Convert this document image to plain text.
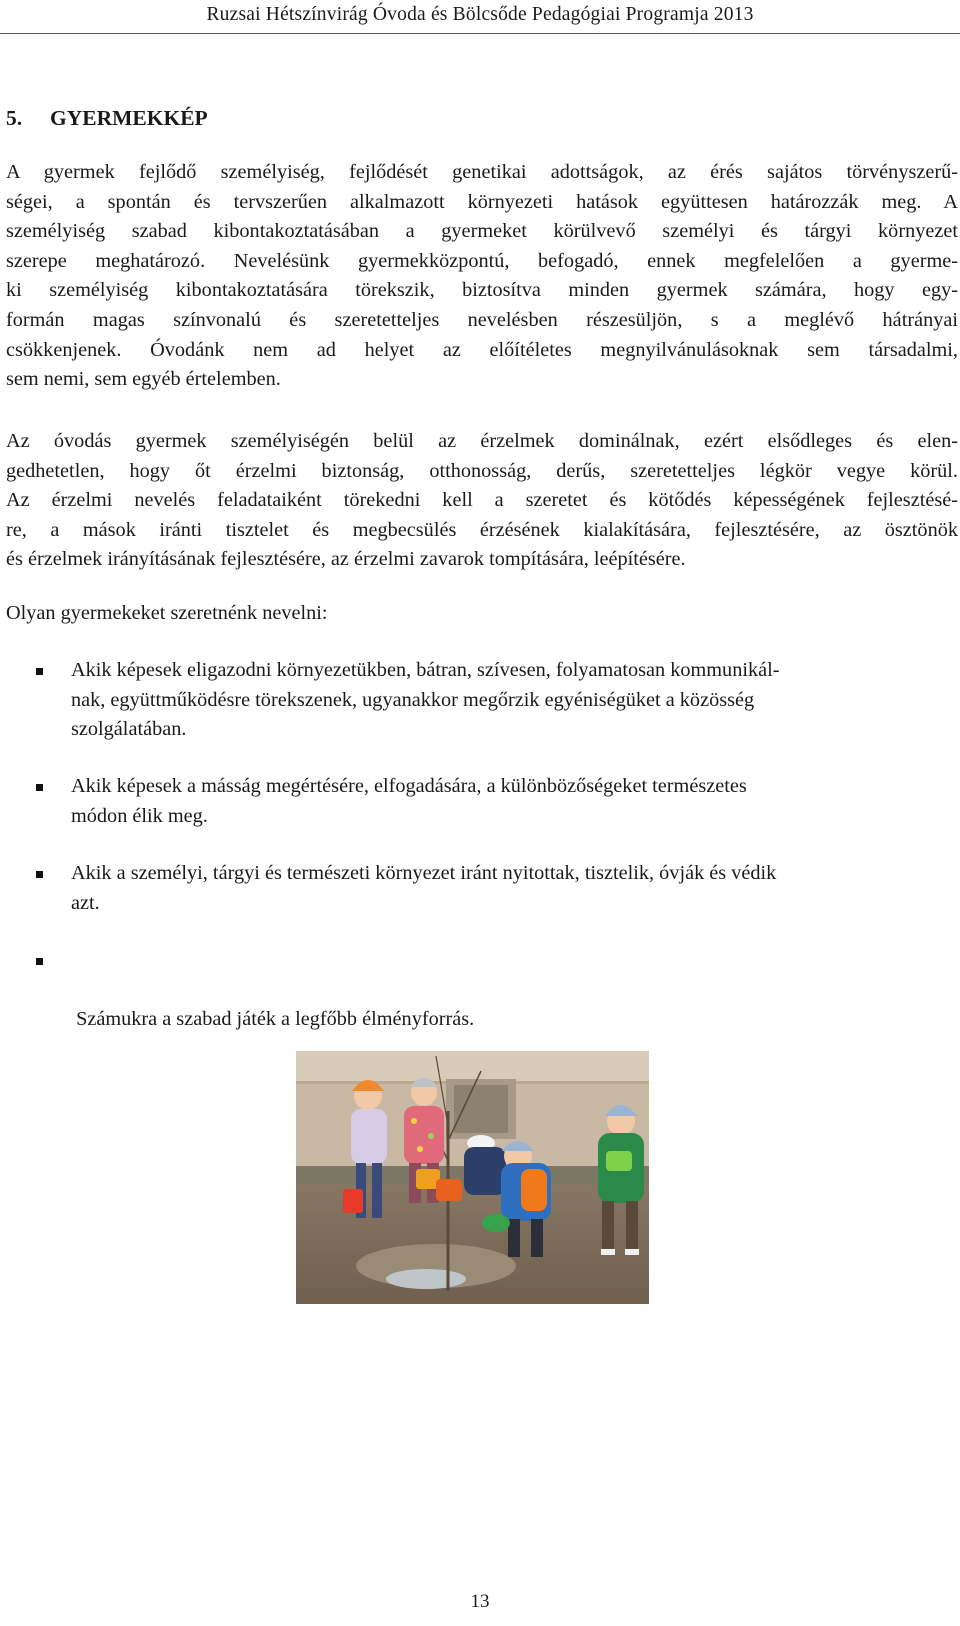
Ruzsai Hétszínvirág Óvoda és Bölcsőde Pedagógiai Programja 2013
5. GYERMEKKÉP
A gyermek fejlődő személyiség, fejlődését genetikai adottságok, az érés sajátos törvényszerű-
ségei, a spontán és tervszerűen alkalmazott környezeti hatások együttesen határozzák meg. A
személyiség szabad kibontakoztatásában a gyermeket körülvevő személyi és tárgyi környezet
szerepe meghatározó. Nevelésünk gyermekközpontú, befogadó, ennek megfelelően a gyerme-
ki személyiség kibontakoztatására törekszik, biztosítva minden gyermek számára, hogy egy-
formán magas színvonalú és szeretetteljes nevelésben részesüljön, s a meglévő hátrányai
csökkenjenek. Óvodánk nem ad helyet az előítéletes megnyilvánulásoknak sem társadalmi,
sem nemi, sem egyéb értelemben.
Az óvodás gyermek személyiségén belül az érzelmek dominálnak, ezért elsődleges és elen-
gedhetetlen, hogy őt érzelmi biztonság, otthonosság, derűs, szeretetteljes légkör vegye körül.
Az érzelmi nevelés feladataiként törekedni kell a szeretet és kötődés képességének fejlesztésé-
re, a mások iránti tisztelet és megbecsülés érzésének kialakítására, fejlesztésére, az ösztönök
és érzelmek irányításának fejlesztésére, az érzelmi zavarok tompítására, leépítésére.
Olyan gyermekeket szeretnénk nevelni:
Akik képesek eligazodni környezetükben, bátran, szívesen, folyamatosan kommunikál-
nak, együttműködésre törekszenek, ugyanakkor megőrzik egyéniségüket a közösség
szolgálatában.
Akik képesek a másság megértésére, elfogadására, a különbözőségeket természetes
módon élik meg.
Akik a személyi, tárgyi és természeti környezet iránt nyitottak, tisztelik, óvják és védik
azt.

Számukra a szabad játék a legfőbb élményforrás.

13
